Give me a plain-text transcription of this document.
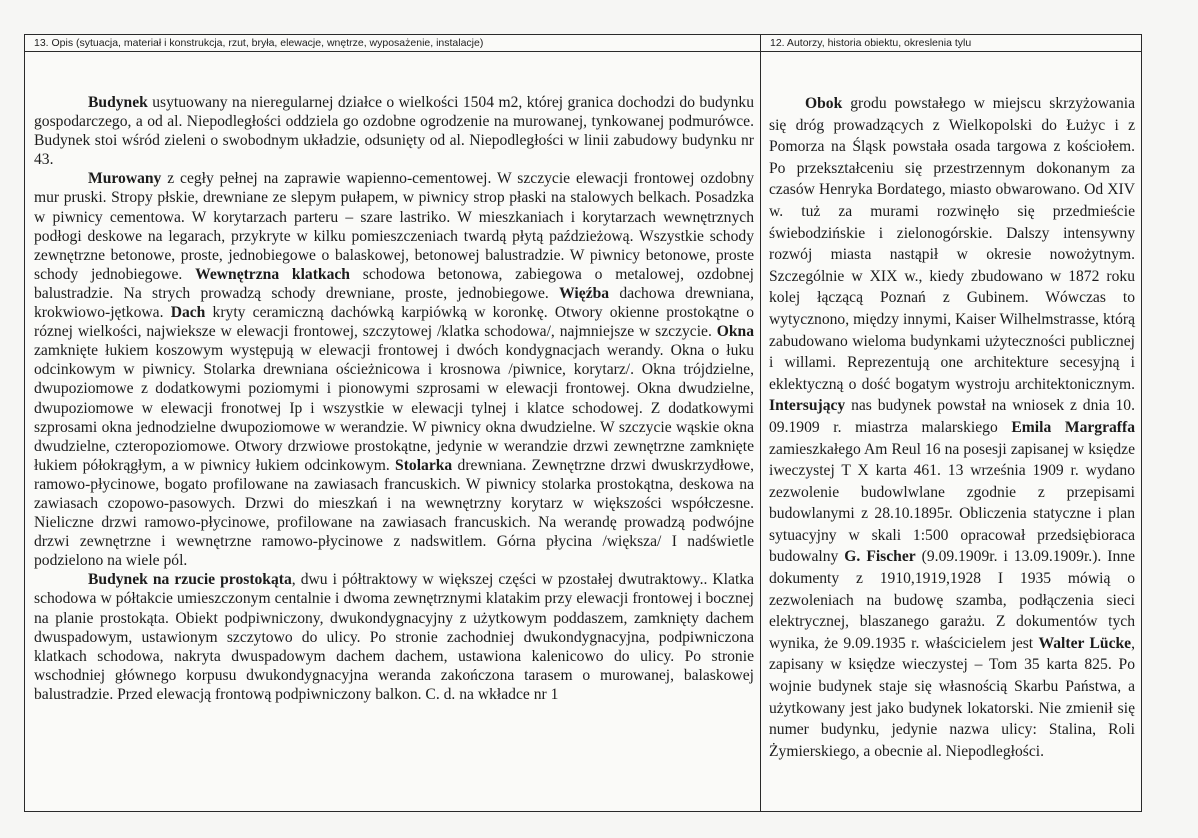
13. Opis (sytuacja, materiał i konstrukcja, rzut, bryła, elewacje, wnętrze, wyposażenie, instalacje)

Budynek usytuowany na nieregularnej działce o wielkości 1504 m2, której granica dochodzi do budynku gospodarczego, a od al. Niepodległości oddziela go ozdobne ogrodzenie na murowanej, tynkowanej podmurówce. Budynek stoi wśród zieleni o swobodnym układzie, odsunięty od al. Niepodległości w linii zabudowy budynku nr 43.

Murowany z cegły pełnej na zaprawie wapienno-cementowej. W szczycie elewacji frontowej ozdobny mur pruski. Stropy płskie, drewniane ze slepym pułapem, w piwnicy strop płaski na stalowych belkach. Posadzka w piwnicy cementowa. W korytarzach parteru – szare lastriko. W mieszkaniach i korytarzach wewnętrznych podłogi deskowe na legarach, przykryte w kilku pomieszczeniach twardą płytą paździeżową. Wszystkie schody zewnętrzne betonowe, proste, jednobiegowe o balaskowej, betonowej balustradzie. W piwnicy betonowe, proste schody jednobiegowe. Wewnętrzna klatkach schodowa betonowa, zabiegowa o metalowej, ozdobnej balustradzie. Na strych prowadzą schody drewniane, proste, jednobiegowe. Więźba dachowa drewniana, krokwiowo-jętkowa. Dach kryty ceramiczną dachówką karpiówką w koronkę. Otwory okienne prostokątne o róznej wielkości, najwieksze w elewacji frontowej, szczytowej /klatka schodowa/, najmniejsze w szczycie. Okna zamknięte łukiem koszowym występują w elewacji frontowej i dwóch kondygnacjach werandy. Okna o łuku odcinkowym w piwnicy. Stolarka drewniana ościeżnicowa i krosnowa /piwnice, korytarz/. Okna trójdzielne, dwupoziomowe z dodatkowymi poziomymi i pionowymi szprosami w elewacji frontowej. Okna dwudzielne, dwupoziomowe w elewacji fronotwej Ip i wszystkie w elewacji tylnej i klatce schodowej. Z dodatkowymi szprosami okna jednodzielne dwupoziomowe w werandzie. W piwnicy okna dwudzielne. W szczycie wąskie okna dwudzielne, czteropoziomowe. Otwory drzwiowe prostokątne, jedynie w werandzie drzwi zewnętrzne zamknięte łukiem półokrągłym, a w piwnicy łukiem odcinkowym. Stolarka drewniana. Zewnętrzne drzwi dwuskrzydłowe, ramowo-płycinowe, bogato profilowane na zawiasach francuskich. W piwnicy stolarka prostokątna, deskowa na zawiasach czopowo-pasowych. Drzwi do mieszkań i na wewnętrzny korytarz w większości współczesne. Nieliczne drzwi ramowo-płycinowe, profilowane na zawiasach francuskich. Na werandę prowadzą podwójne drzwi zewnętrzne i wewnętrzne ramowo-płycinowe z nadswitlem. Górna płycina /większa/ I nadświetle podzielono na wiele pól.

Budynek na rzucie prostokąta, dwu i półtraktowy w większej części w pzostałej dwutraktowy.. Klatka schodowa w półtakcie umieszczonym centalnie i dwoma zewnętrznymi klatakim przy elewacji frontowej i bocznej na planie prostokąta. Obiekt podpiwniczony, dwukondygnacyjny z użytkowym poddaszem, zamknięty dachem dwuspadowym, ustawionym szczytowo do ulicy. Po stronie zachodniej dwukondygnacyjna, podpiwniczona klatkach schodowa, nakryta dwuspadowym dachem dachem, ustawiona kalenicowo do ulicy. Po stronie wschodniej głównego korpusu dwukondygnacyjna weranda zakończona tarasem o murowanej, balaskowej balustradzie. Przed elewacją frontową podpiwniczony balkon. C. d. na wkładce nr 1

12. Autorzy, historia obiektu, okreslenia tylu

Obok grodu powstałego w miejscu skrzyżowania się dróg prowadzących z Wielkopolski do Łużyc i z Pomorza na Śląsk powstała osada targowa z kościołem. Po przekształceniu się przestrzennym dokonanym za czasów Henryka Bordatego, miasto obwarowano. Od XIV w. tuż za murami rozwinęło się przedmieście świebodzińskie i zielonogórskie. Dalszy intensywny rozwój miasta nastąpił w okresie nowożytnym. Szczególnie w XIX w., kiedy zbudowano w 1872 roku kolej łączącą Poznań z Gubinem. Wówczas to wytycznono, między innymi, Kaiser Wilhelmstrasse, którą zabudowano wieloma budynkami użyteczności publicznej i willami. Reprezentują one architekture secesyjną i eklektyczną o dość bogatym wystroju architektonicznym. Intersujący nas budynek powstał na wniosek z dnia 10. 09.1909 r. miastrza malarskiego Emila Margraffa zamieszkałego Am Reul 16 na posesji zapisanej w księdze iweczystej T X karta 461. 13 września 1909 r. wydano zezwolenie budowlwlane zgodnie z przepisami budowlanymi z 28.10.1895r. Obliczenia statyczne i plan sytuacyjny w skali 1:500 opracował przedsiębioraca budowalny G. Fischer (9.09.1909r. i 13.09.1909r.). Inne dokumenty z 1910,1919,1928 I 1935 mówią o zezwoleniach na budowę szamba, podłączenia sieci elektrycznej, blaszanego garażu. Z dokumentów tych wynika, że 9.09.1935 r. właścicielem jest Walter Lücke, zapisany w księdze wieczystej – Tom 35 karta 825. Po wojnie budynek staje się własnością Skarbu Państwa, a użytkowany jest jako budynek lokatorski. Nie zmienił się numer budynku, jedynie nazwa ulicy: Stalina, Roli Żymierskiego, a obecnie al. Niepodległości.
